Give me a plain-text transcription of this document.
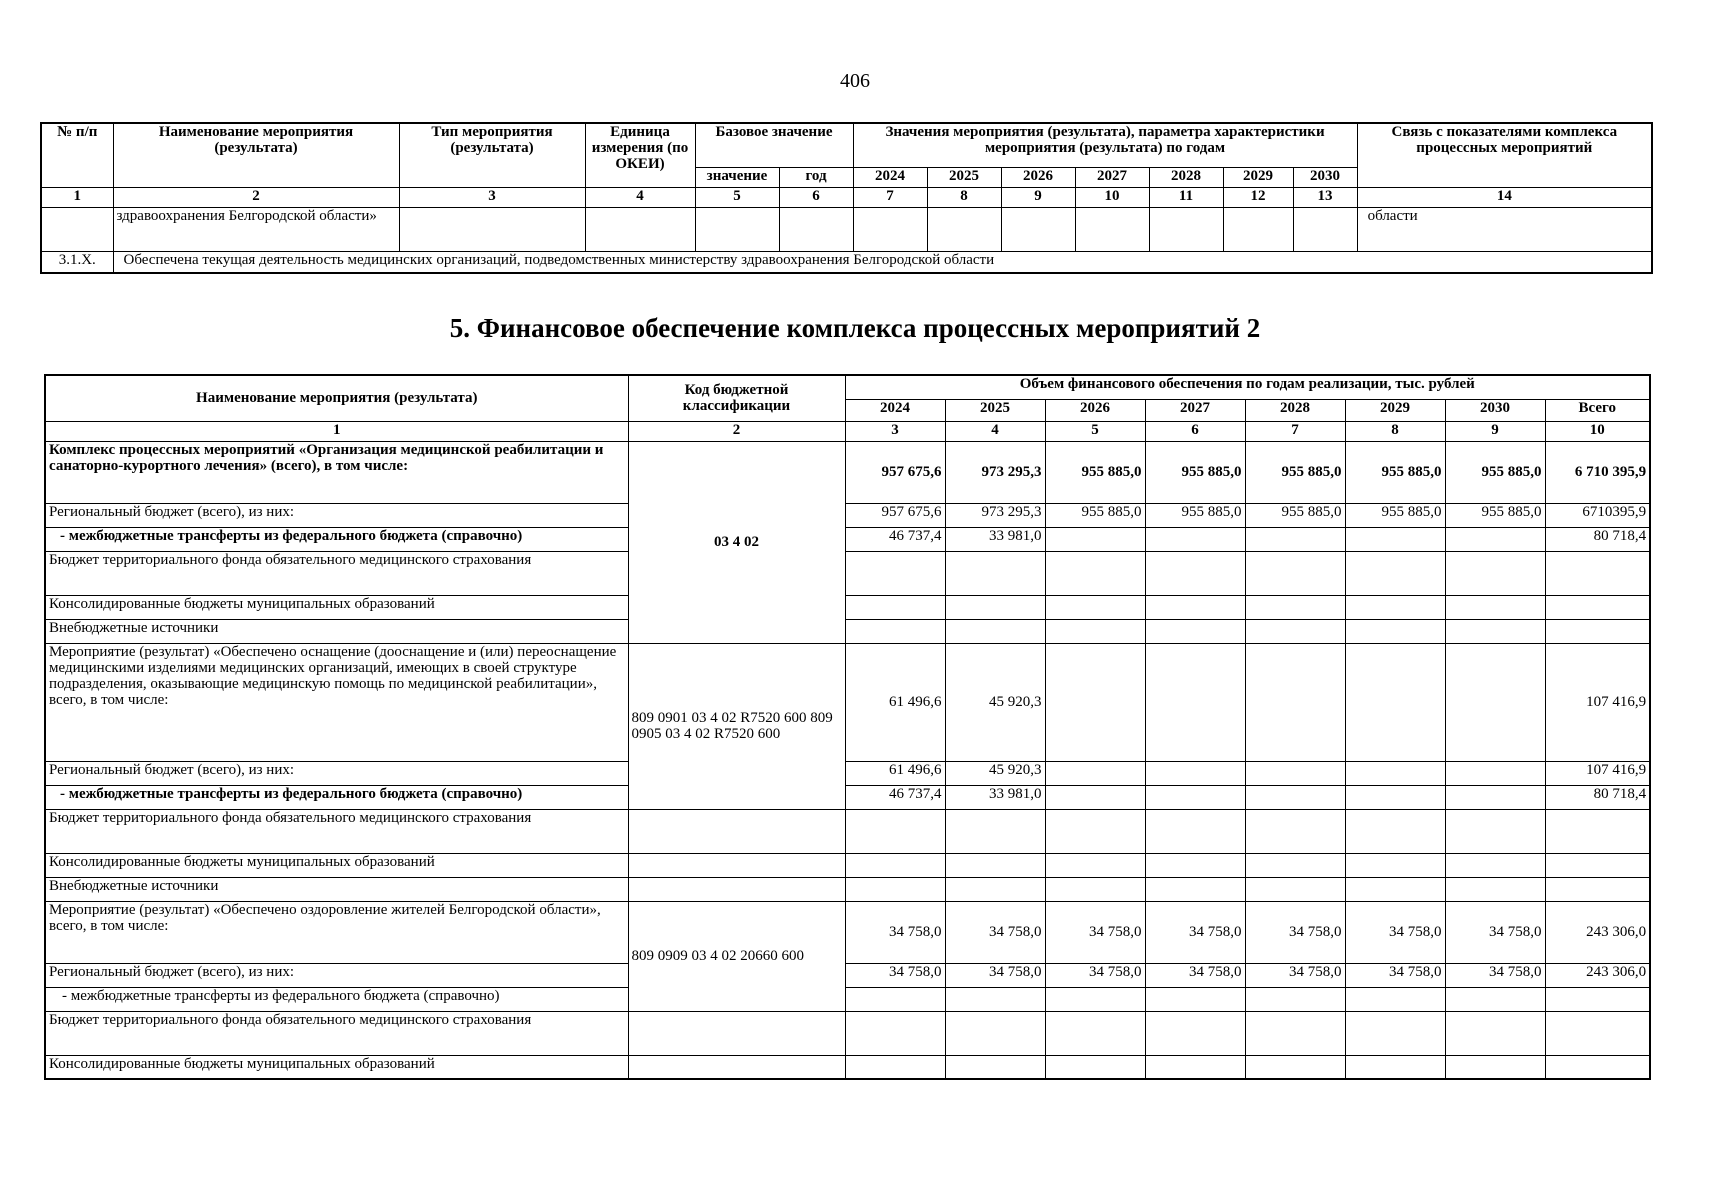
406
№ п/п	Наименование мероприятия (результата)	Тип мероприятия (результата)	Единица измерения (по ОКЕИ)	Базовое значение		Значения мероприятия (результата), параметра характеристики мероприятия (результата) по годам							Связь с показателями комплекса процессных мероприятий
				значение	год	2024	2025	2026	2027	2028	2029	2030	
1	2	3	4	5	6	7	8	9	10	11	12	13	14
	здравоохранения Белгородской области»												области
3.1.Х.	Обеспечена текущая деятельность медицинских организаций, подведомственных министерству здравоохранения Белгородской области												
5. Финансовое обеспечение комплекса процессных мероприятий 2
Наименование мероприятия (результата)	Код бюджетной классификации	Объем финансового обеспечения по годам реализации, тыс. рублей							
		2024	2025	2026	2027	2028	2029	2030	Всего
1	2	3	4	5	6	7	8	9	10
Комплекс процессных мероприятий «Организация медицинской реабилитации и санаторно-курортного лечения» (всего), в том числе:	03 4 02	957 675,6	973 295,3	955 885,0	955 885,0	955 885,0	955 885,0	955 885,0	6 710 395,9
Региональный бюджет (всего), из них:		957 675,6	973 295,3	955 885,0	955 885,0	955 885,0	955 885,0	955 885,0	6710395,9
- межбюджетные трансферты из федерального бюджета (справочно)		46 737,4	33 981,0						80 718,4
Бюджет территориального фонда обязательного медицинского страхования									
Консолидированные бюджеты муниципальных образований									
Внебюджетные источники									
Мероприятие (результат) «Обеспечено оснащение (дооснащение и (или) переоснащение медицинскими изделиями медицинских организаций, имеющих в своей структуре подразделения, оказывающие медицинскую помощь по медицинской реабилитации», всего, в том числе:	809 0901 03 4 02 R7520 600 809 0905 03 4 02 R7520 600	61 496,6	45 920,3						107 416,9
Региональный бюджет (всего), из них:		61 496,6	45 920,3						107 416,9
- межбюджетные трансферты из федерального бюджета (справочно)		46 737,4	33 981,0						80 718,4
Бюджет территориального фонда обязательного медицинского страхования									
Консолидированные бюджеты муниципальных образований									
Внебюджетные источники									
Мероприятие (результат) «Обеспечено оздоровление жителей Белгородской области», всего, в том числе:	809 0909 03 4 02 20660 600	34 758,0	34 758,0	34 758,0	34 758,0	34 758,0	34 758,0	34 758,0	243 306,0
Региональный бюджет (всего), из них:		34 758,0	34 758,0	34 758,0	34 758,0	34 758,0	34 758,0	34 758,0	243 306,0
- межбюджетные трансферты из федерального бюджета (справочно)									
Бюджет территориального фонда обязательного медицинского страхования									
Консолидированные бюджеты муниципальных образований									
